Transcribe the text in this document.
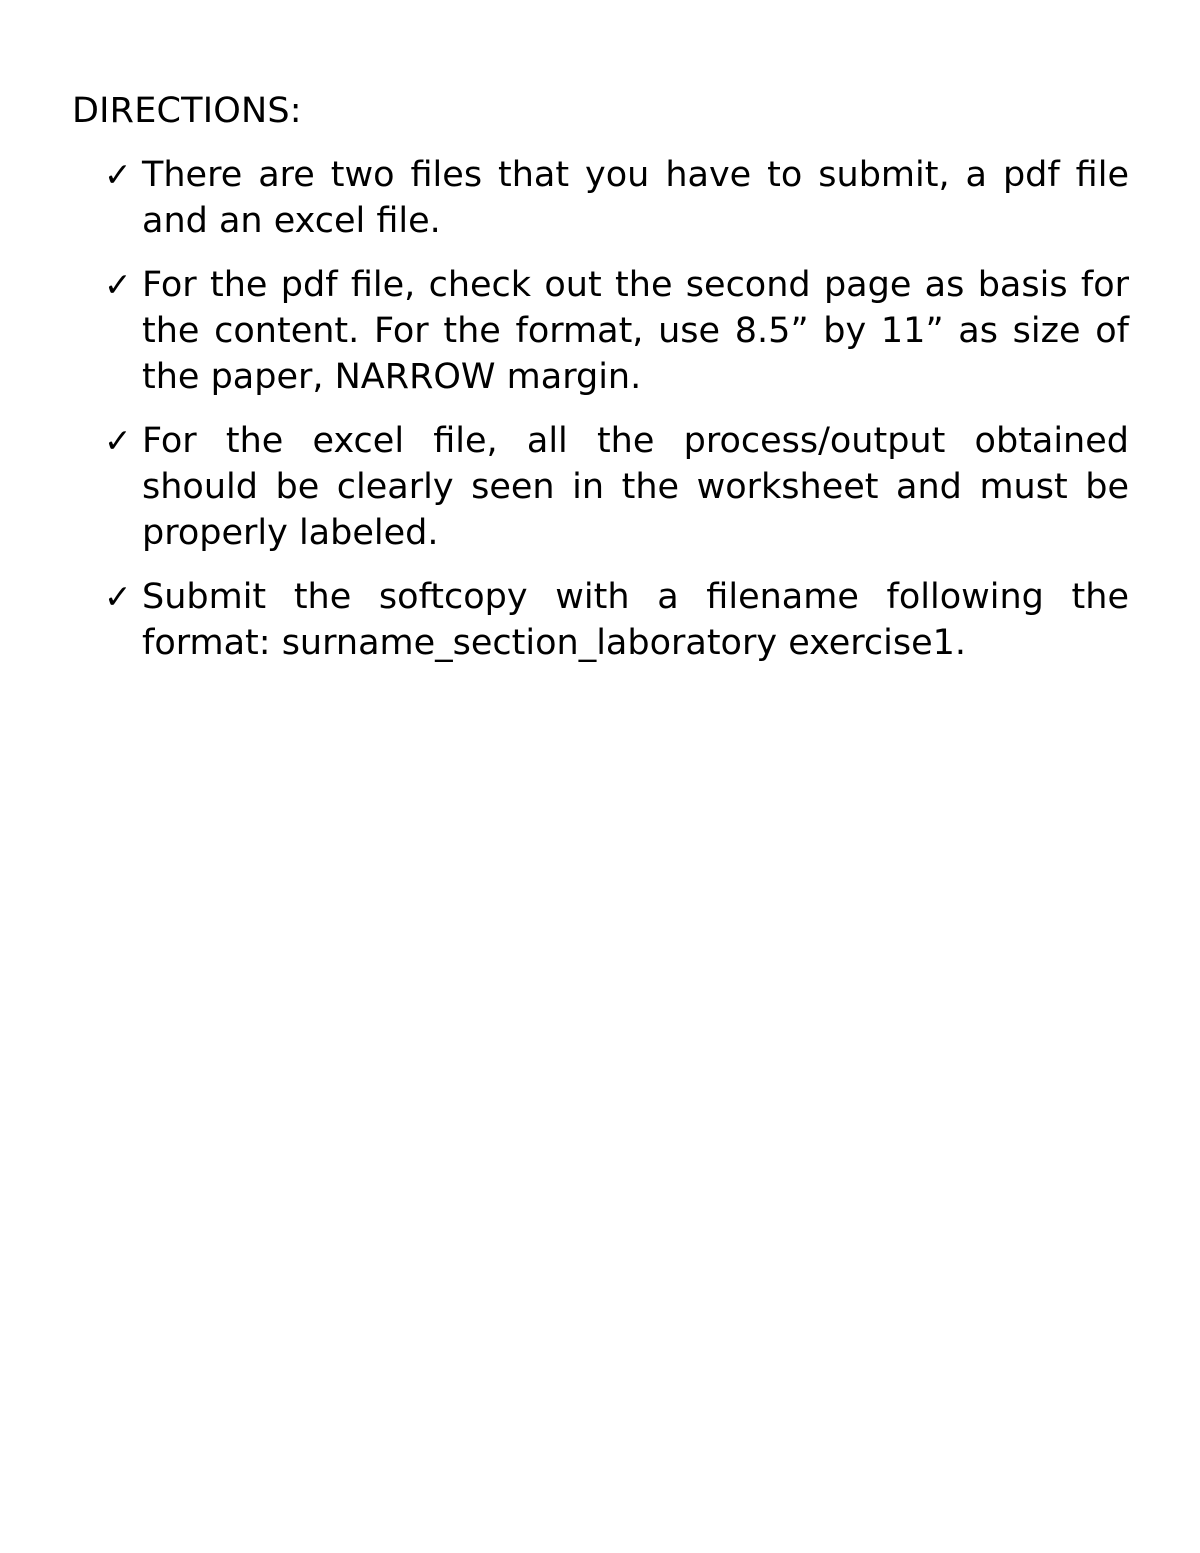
DIRECTIONS:
✓ There are two files that you have to submit, a pdf file and an excel file.
✓ For the pdf file, check out the second page as basis for the content. For the format, use 8.5” by 11” as size of the paper, NARROW margin.
✓ For the excel file, all the process/output obtained should be clearly seen in the worksheet and must be properly labeled.
✓ Submit the softcopy with a filename following the format: surname_section_laboratory exercise1.
